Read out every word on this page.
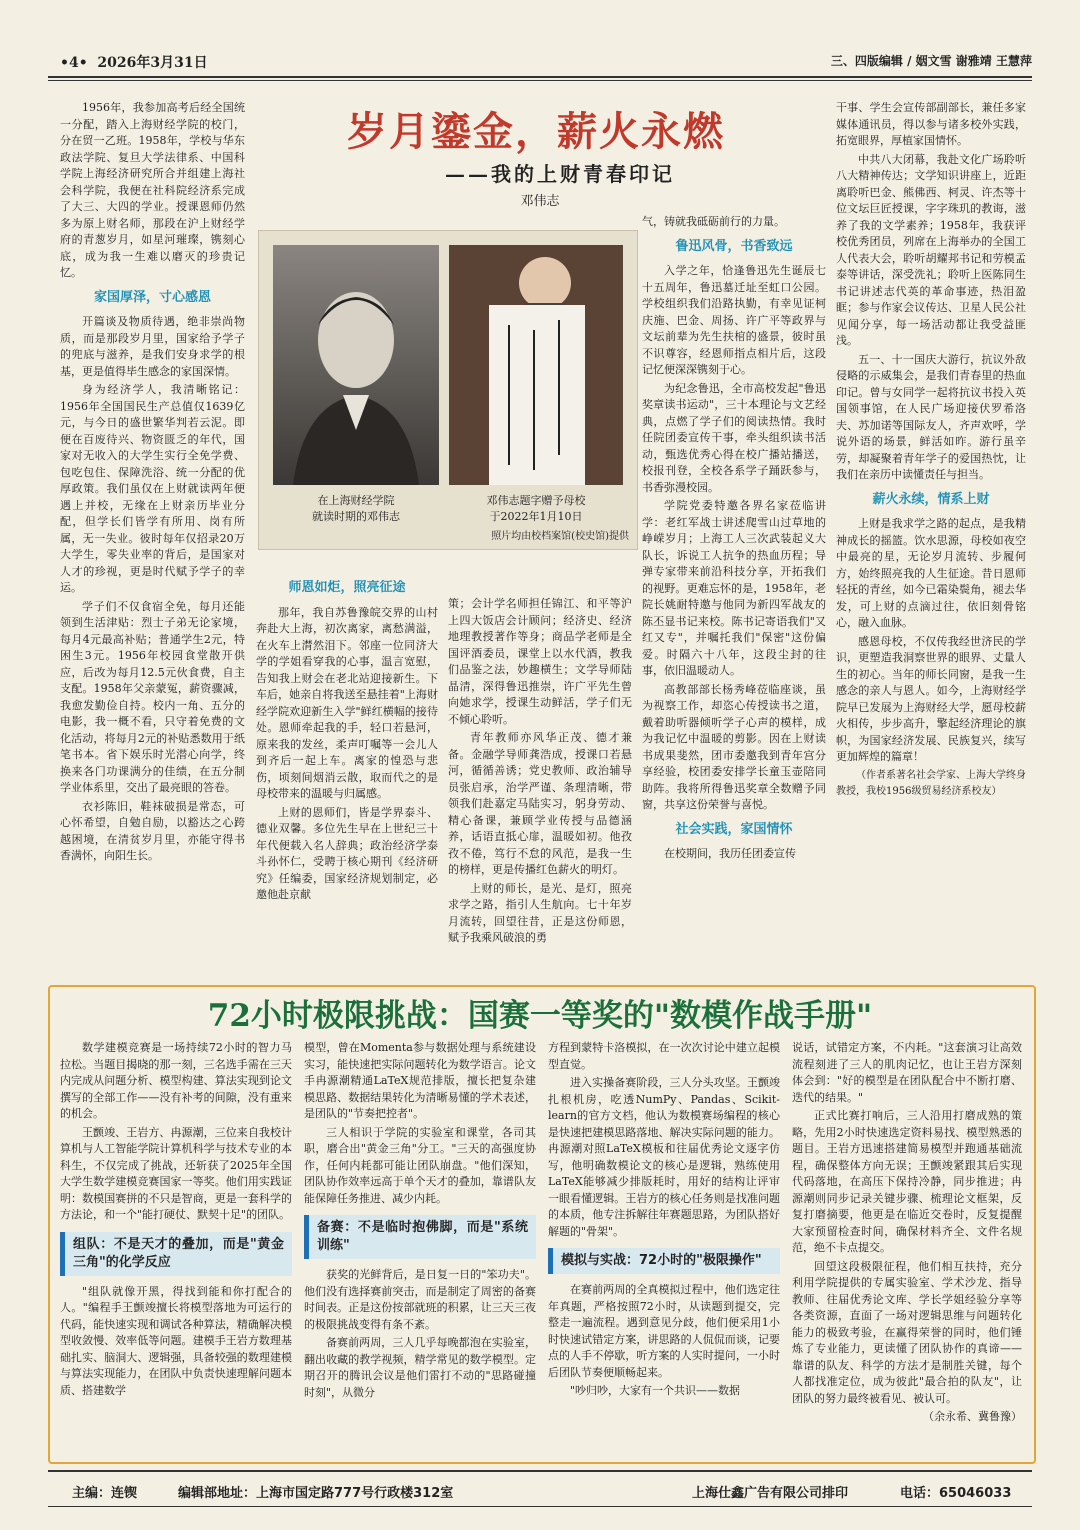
•4• 2026年3月31日	三、四版编辑 / 姻文雪 谢雅靖 王慧萍
岁月鎏金，薪火永燃
——我的上财青春印记
邓伟志

1956年，我参加高考后经全国统一分配，踏入上海财经学院的校门，分在贸一乙班。1958年，学校与华东政法学院、复旦大学法律系、中国科学院上海经济研究所合并组建上海社会科学院，我便在社科院经济系完成了大三、大四的学业。授课恩师仍然多为原上财名师，那段在沪上财经学府的青葱岁月，如星河璀璨，镌刻心底，成为我一生难以磨灭的珍贵记忆。

家国厚泽，寸心感恩

开篇谈及物质待遇，绝非崇尚物质，而是那段岁月里，国家给予学子的兜底与滋养，是我们安身求学的根基，更是值得毕生感念的家国深情。

身为经济学人，我清晰铭记：1956年全国国民生产总值仅1639亿元，与今日的盛世繁华判若云泥。即便在百废待兴、物资匮乏的年代，国家对无收入的大学生实行全免学费、包吃包住、保障洗浴、统一分配的优厚政策。我们虽仅在上财就读两年便遇上并校，无缘在上财亲历毕业分配，但学长们皆学有所用、岗有所属，无一失业。彼时每年仅招录20万大学生，零失业率的背后，是国家对人才的珍视，更是时代赋予学子的幸运。

学子们不仅食宿全免，每月还能领到生活津贴：烈士子弟无论家境，每月4元最高补贴；普通学生2元，特困生3元。1956年校园食堂散开供应，后改为每月12.5元伙食费，自主支配。1958年父亲蒙冤，薪资骤减，我愈发勤俭自持。校内一角、五分的电影，我一概不看，只守着免费的文化活动，将每月2元的补贴悉数用于纸笔书本。省下娱乐时光潜心向学，终换来各门功课满分的佳绩，在五分制学业体系里，交出了最亮眼的答卷。

衣衫陈旧，鞋袜破损是常态，可心怀希望，自勉自励，以豁达之心跨越困境，在清贫岁月里，亦能守得书香满怀，向阳生长。

在上海财经学院
就读时期的邓伟志
邓伟志题字赠予母校
于2022年1月10日
照片均由校档案馆(校史馆)提供
师恩如炬，照亮征途

那年，我自苏鲁豫皖交界的山村奔赴大上海，初次离家，离愁满溢，在火车上潸然泪下。邻座一位同济大学的学姐看穿我的心事，温言宽慰，告知我上财会在老北站迎接新生。下车后，她亲自将我送至悬挂着"上海财经学院欢迎新生入学"鲜红横幅的接待处。恩师牵起我的手，轻口若悬河，原来我的发丝，柔声叮嘱等一会儿人到齐后一起上车。离家的惶恐与悲伤，顷刻间烟消云散，取而代之的是母校带来的温暖与归属感。

上财的恩师们，皆是学界泰斗、德业双馨。多位先生早在上世纪三十年代便载入名人辞典；政治经济学泰斗孙怀仁，受聘于核心期刊《经济研究》任编委，国家经济规划制定，必邀他赴京献

策；会计学名师担任锦江、和平等沪上四大饭店会计顾问；经济史、经济地理教授著作等身；商品学老师是全国评酒委员，课堂上以水代酒，教我们品鉴之法，妙趣横生；文学导师陆晶清，深得鲁迅推崇，许广平先生曾向她求学，授课生动鲜活，学子们无不倾心聆听。

青年教师亦风华正茂、德才兼备。金融学导师龚浩成，授课口若悬河，循循善诱；党史教师、政治辅导员张启承，治学严谨、条理清晰，带领我们赴嘉定马陆实习，躬身劳动、精心备课，兼顾学业传授与品德涵养，话语直抵心扉，温暖如初。他孜孜不倦，笃行不怠的风范，是我一生的榜样，更是传播红色薪火的明灯。

上财的师长，是光、是灯，照亮求学之路，指引人生航向。七十年岁月流转，回望往昔，正是这份师恩，赋予我乘风破浪的勇

气，铸就我砥砺前行的力量。

鲁迅风骨，书香致远

入学之年，恰逢鲁迅先生诞辰七十五周年，鲁迅墓迁址至虹口公园。学校组织我们沿路执勤，有幸见证柯庆施、巴金、周扬、许广平等政界与文坛前辈为先生扶棺的盛景，彼时虽不识尊容，经恩师指点相片后，这段记忆便深深镌刻于心。

为纪念鲁迅，全市高校发起"鲁迅奖章读书运动"，三十本理论与文艺经典，点燃了学子们的阅读热情。我时任院团委宣传干事，牵头组织读书活动，甄选优秀心得在校广播站播送，校报刊登，全校各系学子踊跃参与，书香弥漫校园。

学院党委特邀各界名家莅临讲学：老红军战士讲述爬雪山过草地的峥嵘岁月；上海工人三次武装起义大队长，诉说工人抗争的热血历程；导弹专家带来前沿科技分享，开拓我们的视野。更难忘怀的是，1958年，老院长姚耐特邀与他同为新四军战友的陈丕显书记来校。陈书记寄语我们"又红又专"，并嘱托我们"保密"这份偏爱。时隔六十八年，这段尘封的往事，依旧温暖动人。

高教部部长杨秀峰莅临座谈，虽为视察工作，却恣心传授读书之道，戴着助听器倾听学子心声的模样，成为我记忆中温暖的剪影。因在上财读书成果斐然，团市委邀我到青年宫分享经验，校团委安排学长童玉壶陪同助阵。我将所得鲁迅奖章全数赠予同窗，共享这份荣誉与喜悦。

社会实践，家国情怀

在校期间，我历任团委宣传

干事、学生会宣传部副部长，兼任多家媒体通讯员，得以参与诸多校外实践，拓宽眼界，厚植家国情怀。

中共八大闭幕，我赴文化广场聆听八大精神传达；文学知识讲座上，近距离聆听巴金、熊佛西、柯灵、许杰等十位文坛巨匠授课，字字珠玑的教诲，滋养了我的文学素养；1958年，我获评校优秀团员，列席在上海举办的全国工人代表大会，聆听胡耀邦书记和劳模孟泰等讲话，深受洗礼；聆听上医陈同生书记讲述志代英的革命事迹，热泪盈眶；参与作家会议传达、卫星人民公社见闻分享，每一场活动都让我受益匪浅。

五一、十一国庆大游行，抗议外敌侵略的示威集会，是我们青春里的热血印记。曾与女同学一起将抗议书投入英国领事馆，在人民广场迎接伏罗希洛夫、苏加诺等国际友人，齐声欢呼，学说外语的场景，鲜活如昨。游行虽辛劳，却凝聚着青年学子的爱国热忱，让我们在亲历中读懂责任与担当。

薪火永续，情系上财

上财是我求学之路的起点，是我精神成长的摇篮。饮水思源，母校如夜空中最亮的星，无论岁月流转、步履何方，始终照亮我的人生征途。昔日恩师轻抚的青丝，如今已霜染鬓角，褪去华发，可上财的点滴过往，依旧刻骨铭心，融入血脉。

感恩母校，不仅传我经世济民的学识，更塑造我洞察世界的眼界、丈量人生的初心。当年的师长同窗，是我一生感念的亲人与恩人。如今，上海财经学院早已发展为上海财经大学，愿母校薪火相传，步步高升，擎起经济理论的旗帜，为国家经济发展、民族复兴，续写更加辉煌的篇章！

（作者系著名社会学家、上海大学终身教授，我校1956级贸易经济系校友）

72小时极限挑战：国赛一等奖的"数模作战手册"

数学建模竞赛是一场持续72小时的智力马拉松。当题目揭晓的那一刻，三名选手需在三天内完成从问题分析、模型构建、算法实现到论文撰写的全部工作——没有补考的间隙，没有重来的机会。

王颤竣、王岩方、冉源潮，三位来自我校计算机与人工智能学院计算机科学与技术专业的本科生，不仅完成了挑战，还斩获了2025年全国大学生数学建模竞赛国家一等奖。他们用实践证明：数模国赛拼的不只是智商，更是一套科学的方法论，和一个"能打硬仗、默契十足"的团队。

组队：不是天才的叠加，而是"黄金三角"的化学反应

"组队就像开黑，得找到能和你打配合的人。"编程手王颤竣擅长将模型落地为可运行的代码，能快速实现和调试各种算法，精确解决模型收敛慢、效率低等问题。建模手王岩方数理基础扎实、脑洞大、逻辑强，具备较强的数理建模与算法实现能力，在团队中负责快速理解问题本质、搭建数学

模型，曾在Momenta参与数据处理与系统建设实习，能快速把实际问题转化为数学语言。论文手冉源潮精通LaTeX规范排版，擅长把复杂建模思路、数据结果转化为清晰易懂的学术表述，是团队的"节奏把控者"。

三人相识于学院的实验室和课堂，各司其职，磨合出"黄金三角"分工。"三天的高强度协作，任何内耗都可能让团队崩盘。"他们深知，团队协作效率远高于单个天才的叠加，靠谱队友能保障任务推进、减少内耗。

备赛：不是临时抱佛脚，而是"系统训练"

获奖的光鲜背后，是日复一日的"笨功夫"。他们没有选择赛前突击，而是制定了周密的备赛时间表。正是这份按部就班的积累，让三天三夜的极限挑战变得有条不紊。

备赛前两周，三人几乎每晚都泡在实验室，翻出收藏的教学视频，精学常见的数学模型。定期召开的腾讯会议是他们雷打不动的"思路碰撞时刻"，从微分

方程到蒙特卡洛模拟，在一次次讨论中建立起模型直觉。

进入实操备赛阶段，三人分头攻坚。王颤竣扎根机房，吃透NumPy、Pandas、Scikit-learn的官方文档，他认为数模赛场编程的核心是快速把建模思路落地、解决实际问题的能力。冉源潮对照LaTeX模板和往届优秀论文逐字仿写，他明确数模论文的核心是逻辑，熟练使用LaTeX能够减少排版耗时，用好的结构让评审一眼看懂逻辑。王岩方的核心任务则是找准问题的本质，他专注拆解往年赛题思路，为团队搭好解题的"骨架"。

模拟与实战：72小时的"极限操作"

在赛前两周的全真模拟过程中，他们选定往年真题，严格按照72小时，从读题到提交，完整走一遍流程。遇到意见分歧，他们便采用1小时快速试错定方案，讲思路的人侃侃而谈，记要点的人手不停歇，听方案的人实时提问，一小时后团队节奏便顺畅起来。

"吵归吵，大家有一个共识——数据

说话，试错定方案，不内耗。"这套演习让高效流程刻进了三人的肌肉记忆，也让王岩方深刻体会到："好的模型是在团队配合中不断打磨、迭代的结果。"

正式比赛打响后，三人沿用打磨成熟的策略，先用2小时快速选定资料易找、模型熟悉的题目。王岩方迅速搭建简易模型并跑通基础流程，确保整体方向无误；王颤竣紧跟其后实现代码落地，在高压下保持冷静，同步推进；冉源潮则同步记录关键步骤、梳理论文框架，反复打磨摘要，他更是在临近交卷时，反复提醒大家预留检查时间，确保材料齐全、文件名规范，绝不卡点提交。

回望这段极限征程，他们相互扶持，充分利用学院提供的专属实验室、学术沙龙、指导教师、往届优秀论文库、学长学姐经验分享等各类资源，直面了一场对逻辑思维与问题转化能力的极致考验，在赢得荣誉的同时，他们锤炼了专业能力，更读懂了团队协作的真谛——靠谱的队友、科学的方法才是制胜关键，每个人都找准定位，成为彼此"最合拍的队友"，让团队的努力最终被看见、被认可。

（余永希、冀鲁豫）

主编：连锲	编辑部地址：上海市国定路777号行政楼312室	上海仕鑫广告有限公司排印	电话：65046033
